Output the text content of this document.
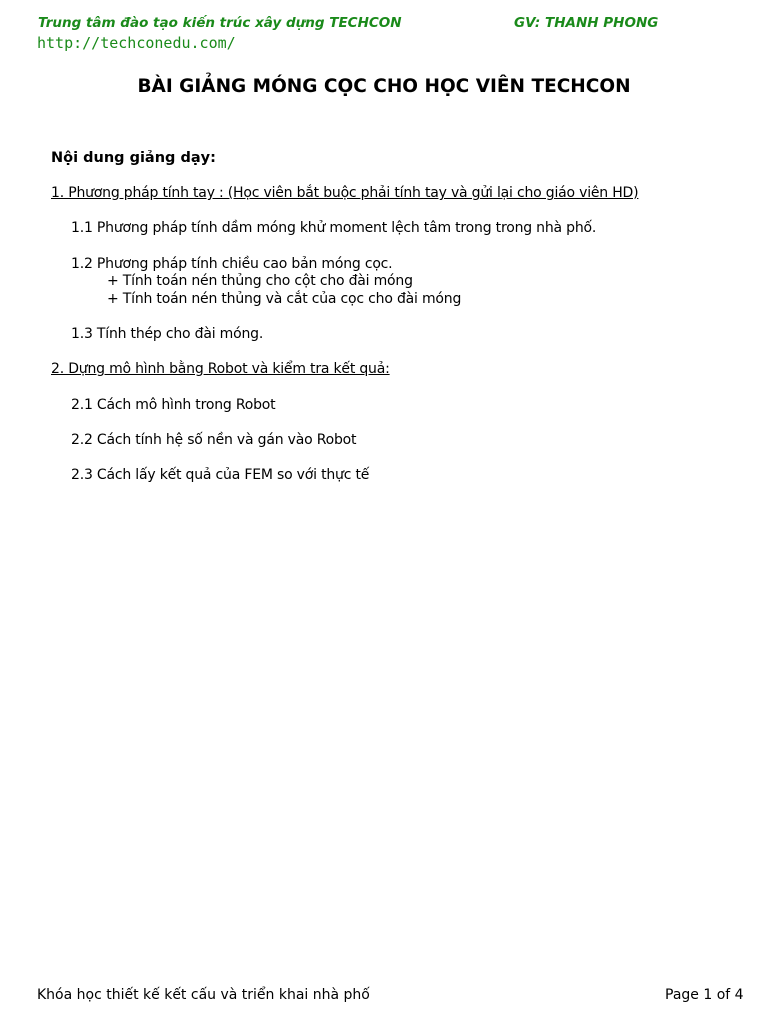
Trung tâm đào tạo kiến trúc xây dựng TECHCON	GV: THANH PHONG
http://techconedu.com/
BÀI GIẢNG MÓNG CỌC CHO HỌC VIÊN TECHCON
Nội dung giảng dạy:
1. Phương pháp tính tay : (Học viên bắt buộc phải tính tay và gửi lại cho giáo viên HD)
1.1 Phương pháp tính dầm móng khử moment lệch tâm trong trong nhà phố.
1.2 Phương pháp tính chiều cao bản móng cọc.
+ Tính toán nén thủng cho cột cho đài móng
+ Tính toán nén thủng và cắt của cọc cho đài móng
1.3 Tính thép cho đài móng.
2. Dựng mô hình bằng Robot và kiểm tra kết quả:
2.1 Cách mô hình trong Robot
2.2 Cách tính hệ số nền và gán vào Robot
2.3 Cách lấy kết quả của FEM so với thực tế
Khóa học thiết kế kết cấu và triển khai nhà phố	Page 1 of 4
